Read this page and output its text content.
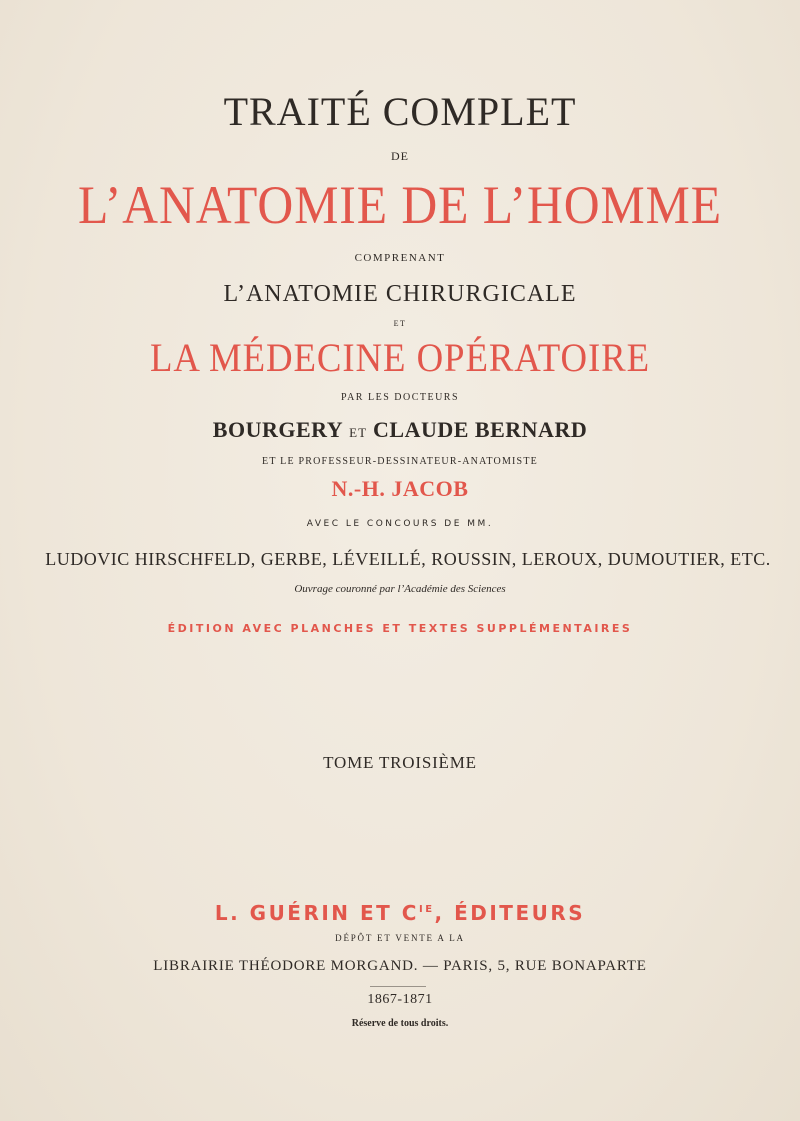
TRAITÉ COMPLET
DE
L’ANATOMIE DE L’HOMME
COMPRENANT
L’ANATOMIE CHIRURGICALE
ET
LA MÉDECINE OPÉRATOIRE
PAR LES DOCTEURS
BOURGERY ET CLAUDE BERNARD
ET LE PROFESSEUR-DESSINATEUR-ANATOMISTE
N.-H. JACOB
AVEC LE CONCOURS DE MM.
LUDOVIC HIRSCHFELD, GERBE, LÉVEILLÉ, ROUSSIN, LEROUX, DUMOUTIER, ETC.
Ouvrage couronné par l’Académie des Sciences
ÉDITION AVEC PLANCHES ET TEXTES SUPPLÉMENTAIRES
TOME TROISIÈME
L. GUÉRIN ET $C^{IE}$, ÉDITEURS
DÉPÔT ET VENTE A LA
LIBRAIRIE THÉODORE MORGAND. — PARIS, 5, RUE BONAPARTE
1867-1871
Réserve de tous droits.
